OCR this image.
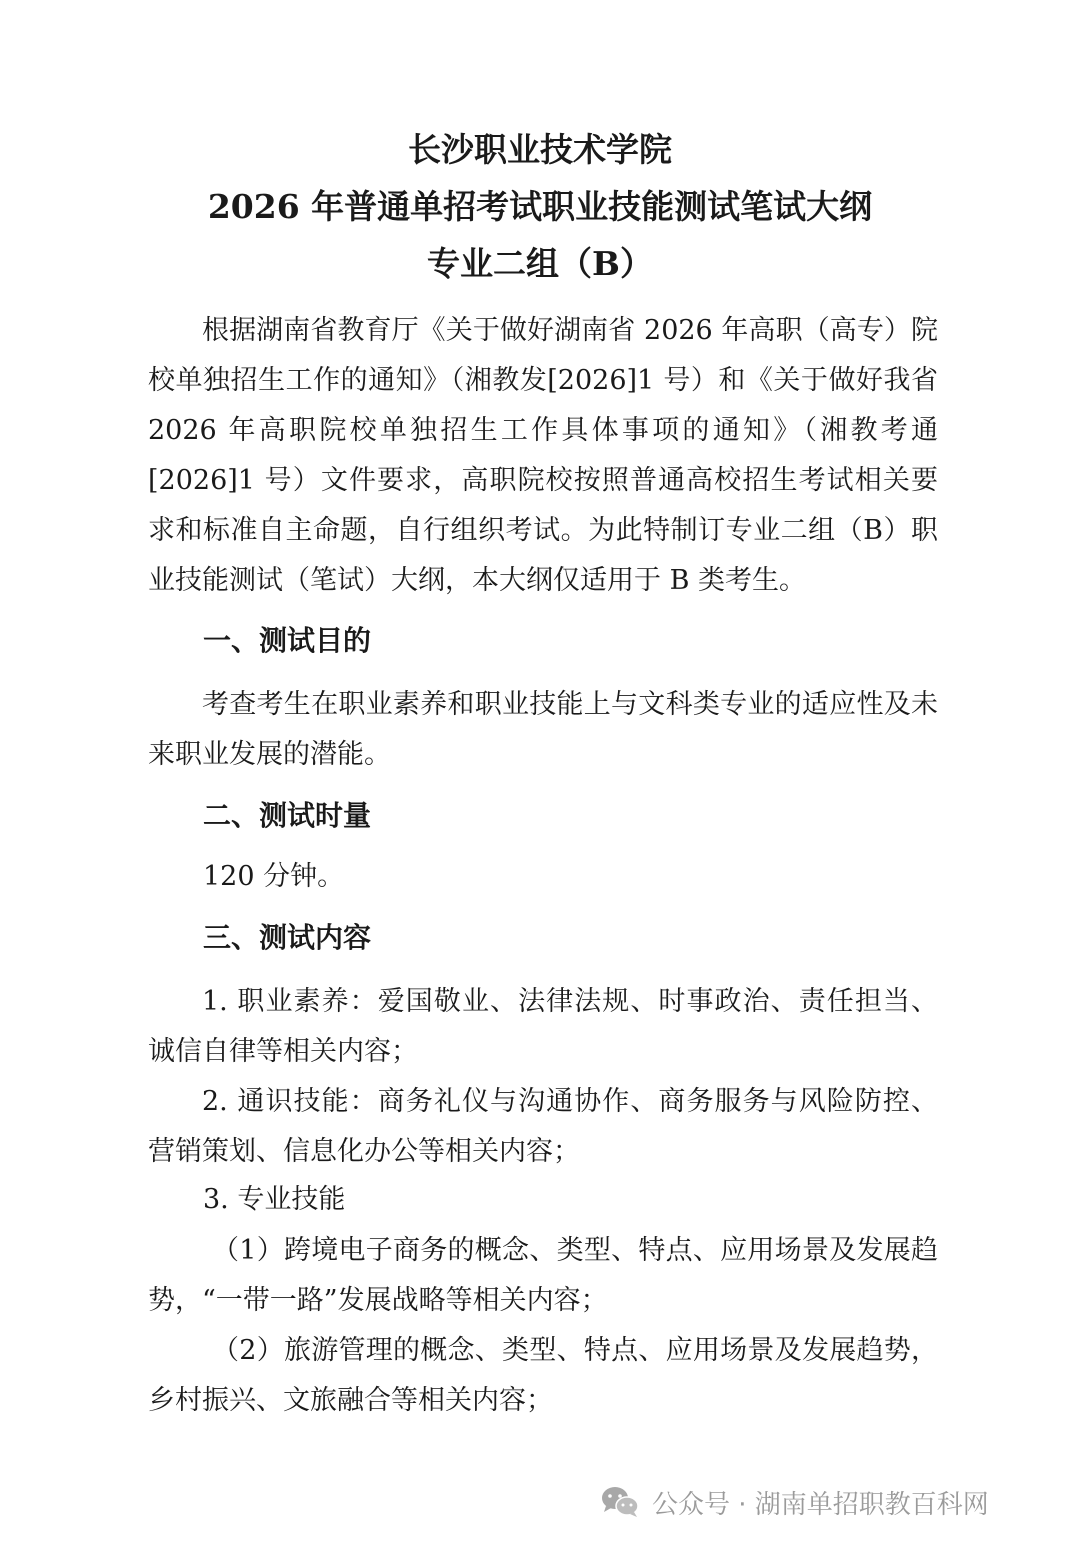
长沙职业技术学院
2026 年普通单招考试职业技能测试笔试大纲
专业二组（B）
根据湖南省教育厅《关于做好湖南省 2026 年高职（高专）院校单独招生工作的通知》（湘教发[2026]1 号）和《关于做好我省 2026 年高职院校单独招生工作具体事项的通知》（湘教考通[2026]1 号）文件要求，高职院校按照普通高校招生考试相关要求和标准自主命题，自行组织考试。为此特制订专业二组（B）职业技能测试（笔试）大纲，本大纲仅适用于 B 类考生。
一、测试目的
考查考生在职业素养和职业技能上与文科类专业的适应性及未来职业发展的潜能。
二、测试时量
120 分钟。
三、测试内容
1. 职业素养：爱国敬业、法律法规、时事政治、责任担当、诚信自律等相关内容；
2. 通识技能：商务礼仪与沟通协作、商务服务与风险防控、营销策划、信息化办公等相关内容；
3. 专业技能
（1）跨境电子商务的概念、类型、特点、应用场景及发展趋势，“一带一路”发展战略等相关内容；
（2）旅游管理的概念、类型、特点、应用场景及发展趋势，乡村振兴、文旅融合等相关内容；
公众号 · 湖南单招职教百科网
